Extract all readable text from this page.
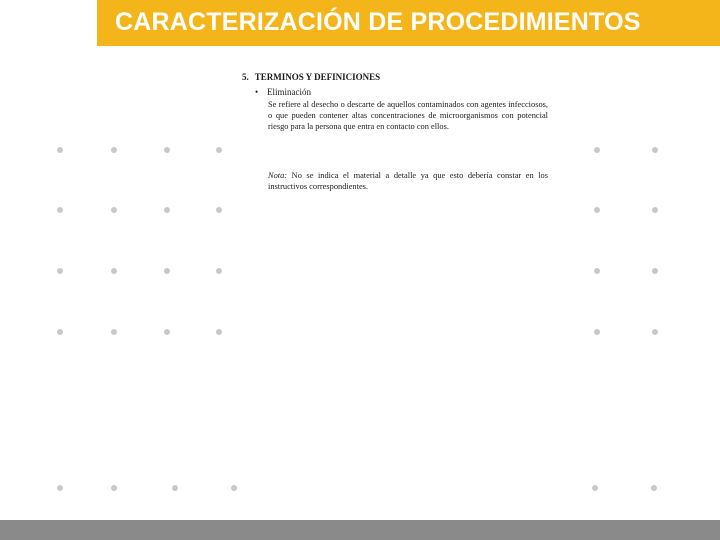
CARACTERIZACIÓN DE PROCEDIMIENTOS
5. TERMINOS Y DEFINICIONES
• Eliminación
Se refiere al desecho o descarte de aquellos contaminados con agentes infecciosos, o que pueden contener altas concentraciones de microorganismos con potencial riesgo para la persona que entra en contacto con ellos.
Nota: No se indica el material a detalle ya que esto debería constar en los instructivos correspondientes.
